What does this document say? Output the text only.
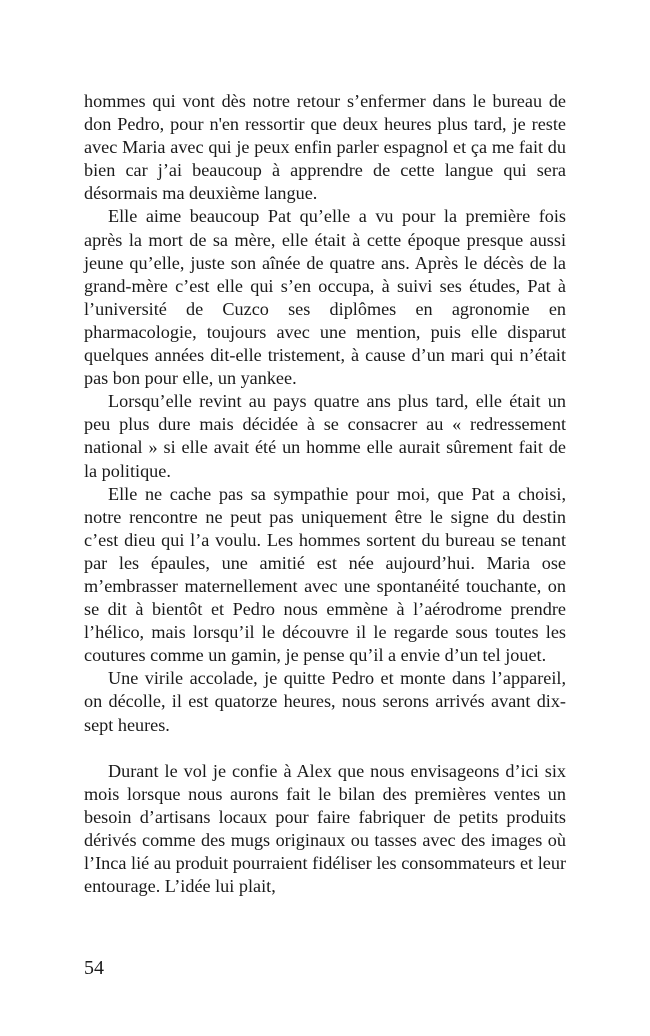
hommes qui vont dès notre retour s’enfermer dans le bureau de don Pedro, pour n'en ressortir que deux heures plus tard, je reste avec Maria avec qui je peux enfin parler espagnol et ça me fait du bien car j’ai beaucoup à apprendre de cette langue qui sera désormais ma deuxième langue.

Elle aime beaucoup Pat qu’elle a vu pour la première fois après la mort de sa mère, elle était à cette époque presque aussi jeune qu’elle, juste son aînée de quatre ans. Après le décès de la grand-mère c’est elle qui s’en occupa, à suivi ses études, Pat à l’université de Cuzco ses diplômes en agronomie en pharmacologie, toujours avec une mention, puis elle disparut quelques années dit-elle tristement, à cause d’un mari qui n’était pas bon pour elle, un yankee.

Lorsqu’elle revint au pays quatre ans plus tard, elle était un peu plus dure mais décidée à se consacrer au « redressement national » si elle avait été un homme elle aurait sûrement fait de la politique.

Elle ne cache pas sa sympathie pour moi, que Pat a choisi, notre rencontre ne peut pas uniquement être le signe du destin c’est dieu qui l’a voulu. Les hommes sortent du bureau se tenant par les épaules, une amitié est née aujourd’hui. Maria ose m’embrasser maternellement avec une spontanéité touchante, on se dit à bientôt et Pedro nous emmène à l’aérodrome prendre l’hélico, mais lorsqu’il le découvre il le regarde sous toutes les coutures comme un gamin, je pense qu’il a envie d’un tel jouet.

Une virile accolade, je quitte Pedro et monte dans l’appareil, on décolle, il est quatorze heures, nous serons arrivés avant dix-sept heures.

Durant le vol je confie à Alex que nous envisageons d’ici six mois lorsque nous aurons fait le bilan des premières ventes un besoin d’artisans locaux pour faire fabriquer de petits produits dérivés comme des mugs originaux ou tasses avec des images où l’Inca lié au produit pourraient fidéliser les consommateurs et leur entourage. L’idée lui plait,

54
